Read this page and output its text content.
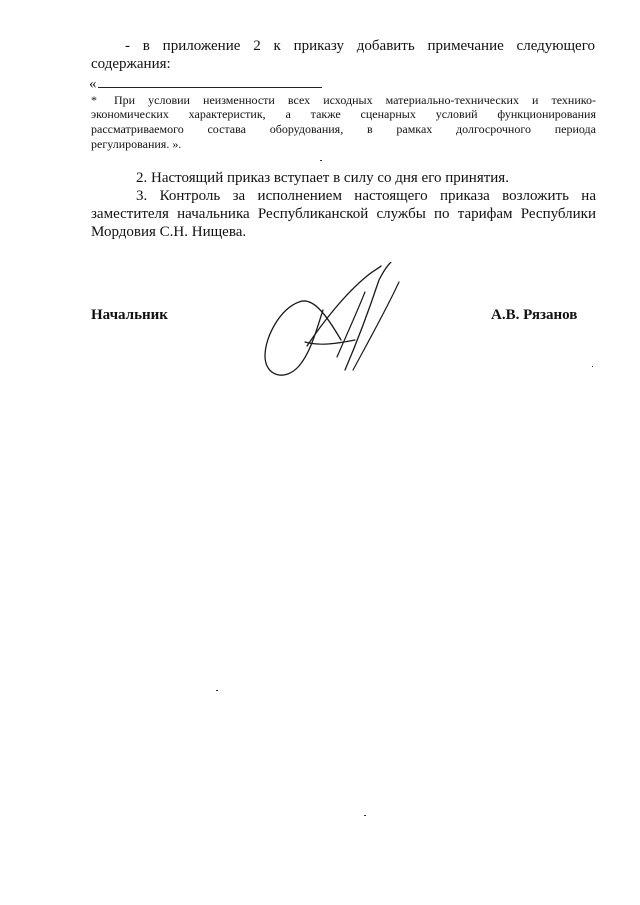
- в приложение 2 к приказу добавить примечание следующего
содержания:
«
* При условии неизменности всех исходных материально-технических и технико-
экономических характеристик, а также сценарных условий функционирования
рассматриваемого состава оборудования, в рамках долгосрочного периода
регулирования. ».
2. Настоящий приказ вступает в силу со дня его принятия.
3. Контроль за исполнением настоящего приказа возложить на
заместителя начальника Республиканской службы по тарифам Республики
Мордовия С.Н. Нищева.
Начальник	А.В. Рязанов
